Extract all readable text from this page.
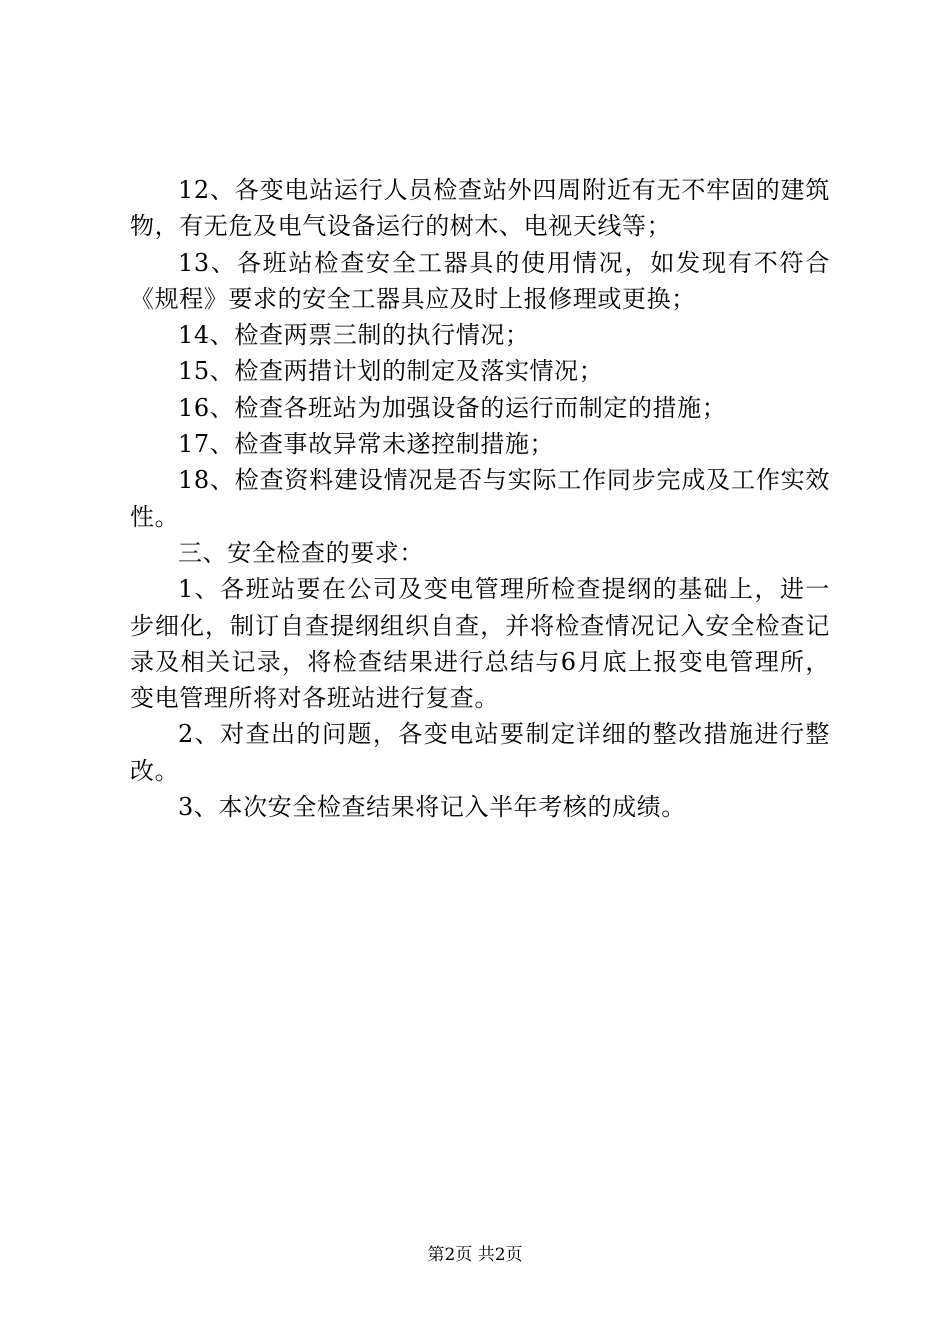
12、各变电站运行人员检查站外四周附近有无不牢固的建筑物，有无危及电气设备运行的树木、电视天线等；

13、各班站检查安全工器具的使用情况，如发现有不符合《规程》要求的安全工器具应及时上报修理或更换；

14、检查两票三制的执行情况；

15、检查两措计划的制定及落实情况；

16、检查各班站为加强设备的运行而制定的措施；

17、检查事故异常未遂控制措施；

18、检查资料建设情况是否与实际工作同步完成及工作实效性。

三、安全检查的要求：

1、各班站要在公司及变电管理所检查提纲的基础上，进一步细化，制订自查提纲组织自查，并将检查情况记入安全检查记录及相关记录，将检查结果进行总结与6月底上报变电管理所，变电管理所将对各班站进行复查。

2、对查出的问题，各变电站要制定详细的整改措施进行整改。

3、本次安全检查结果将记入半年考核的成绩。

第2页 共2页
